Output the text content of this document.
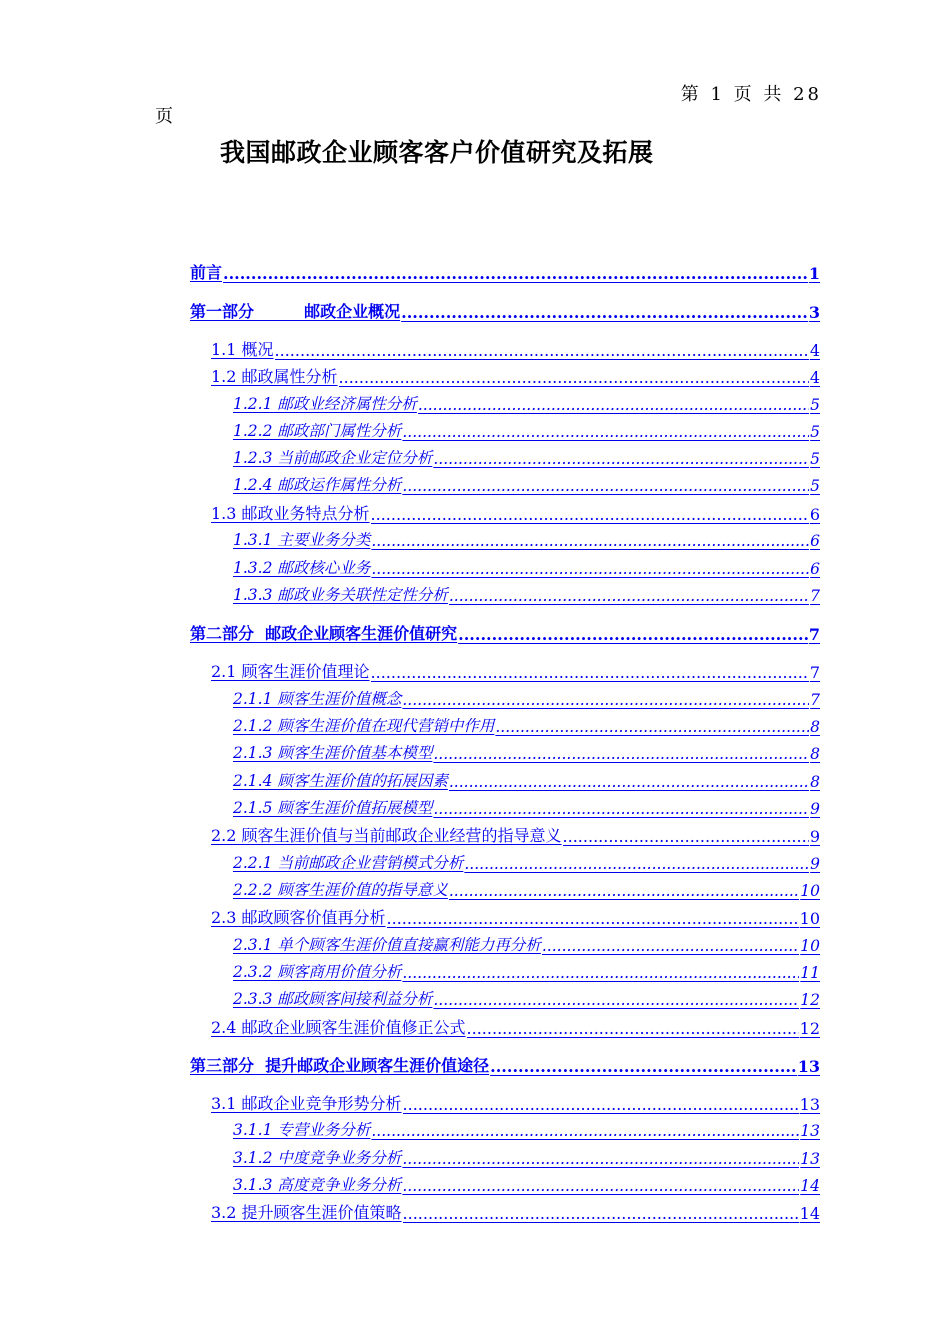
第 1 页 共 28
页
我国邮政企业顾客客户价值研究及拓展
前言 .....	1
第一部分         邮政企业概况 .....	3
1.1 概况 .....	4
1.2 邮政属性分析 .....	4
1.2.1 邮政业经济属性分析 .....	5
1.2.2 邮政部门属性分析 .....	5
1.2.3 当前邮政企业定位分析 .....	5
1.2.4 邮政运作属性分析 .....	5
1.3 邮政业务特点分析 .....	6
1.3.1 主要业务分类 .....	6
1.3.2 邮政核心业务 .....	6
1.3.3 邮政业务关联性定性分析 .....	7
第二部分  邮政企业顾客生涯价值研究 .....	7
2.1 顾客生涯价值理论 .....	7
2.1.1 顾客生涯价值概念 .....	7
2.1.2 顾客生涯价值在现代营销中作用 .....	8
2.1.3 顾客生涯价值基本模型 .....	8
2.1.4 顾客生涯价值的拓展因素 .....	8
2.1.5 顾客生涯价值拓展模型 .....	9
2.2 顾客生涯价值与当前邮政企业经营的指导意义 .....	9
2.2.1 当前邮政企业营销模式分析 .....	9
2.2.2 顾客生涯价值的指导意义 .....	10
2.3 邮政顾客价值再分析 .....	10
2.3.1 单个顾客生涯价值直接赢利能力再分析 .....	10
2.3.2 顾客商用价值分析 .....	11
2.3.3 邮政顾客间接利益分析 .....	12
2.4 邮政企业顾客生涯价值修正公式 .....	12
第三部分  提升邮政企业顾客生涯价值途径 .....	13
3.1 邮政企业竞争形势分析 .....	13
3.1.1 专营业务分析 .....	13
3.1.2 中度竞争业务分析 .....	13
3.1.3 高度竞争业务分析 .....	14
3.2 提升顾客生涯价值策略 .....	14
